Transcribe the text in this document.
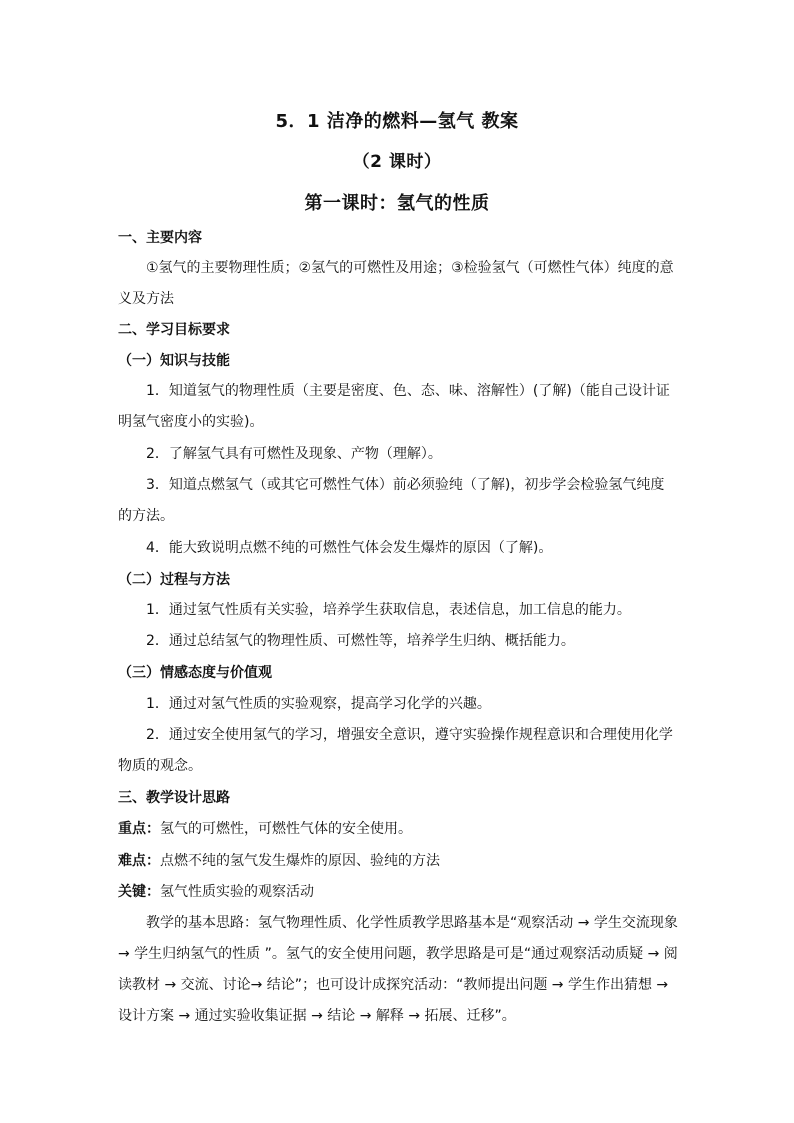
5．1 洁净的燃料—氢气 教案
（2 课时）
第一课时：氢气的性质
一、主要内容
①氢气的主要物理性质；②氢气的可燃性及用途；③检验氢气（可燃性气体）纯度的意义及方法
二、学习目标要求
（一）知识与技能
1．知道氢气的物理性质（主要是密度、色、态、味、溶解性）(了解)（能自己设计证明氢气密度小的实验)。
2．了解氢气具有可燃性及现象、产物（理解）。
3．知道点燃氢气（或其它可燃性气体）前必须验纯（了解)，初步学会检验氢气纯度的方法。
4．能大致说明点燃不纯的可燃性气体会发生爆炸的原因（了解)。
（二）过程与方法
1．通过氢气性质有关实验，培养学生获取信息，表述信息，加工信息的能力。
2．通过总结氢气的物理性质、可燃性等，培养学生归纳、概括能力。
（三）情感态度与价值观
1．通过对氢气性质的实验观察，提高学习化学的兴趣。
2．通过安全使用氢气的学习，增强安全意识，遵守实验操作规程意识和合理使用化学物质的观念。
三、教学设计思路
重点：氢气的可燃性，可燃性气体的安全使用。
难点：点燃不纯的氢气发生爆炸的原因、验纯的方法
关键：氢气性质实验的观察活动
教学的基本思路：氢气物理性质、化学性质教学思路基本是“观察活动 → 学生交流现象 → 学生归纳氢气的性质 ”。氢气的安全使用问题，教学思路是可是“通过观察活动质疑 → 阅读教材 → 交流、讨论→ 结论”；也可设计成探究活动：“教师提出问题 → 学生作出猜想 → 设计方案 → 通过实验收集证据 → 结论 → 解释 → 拓展、迁移”。
